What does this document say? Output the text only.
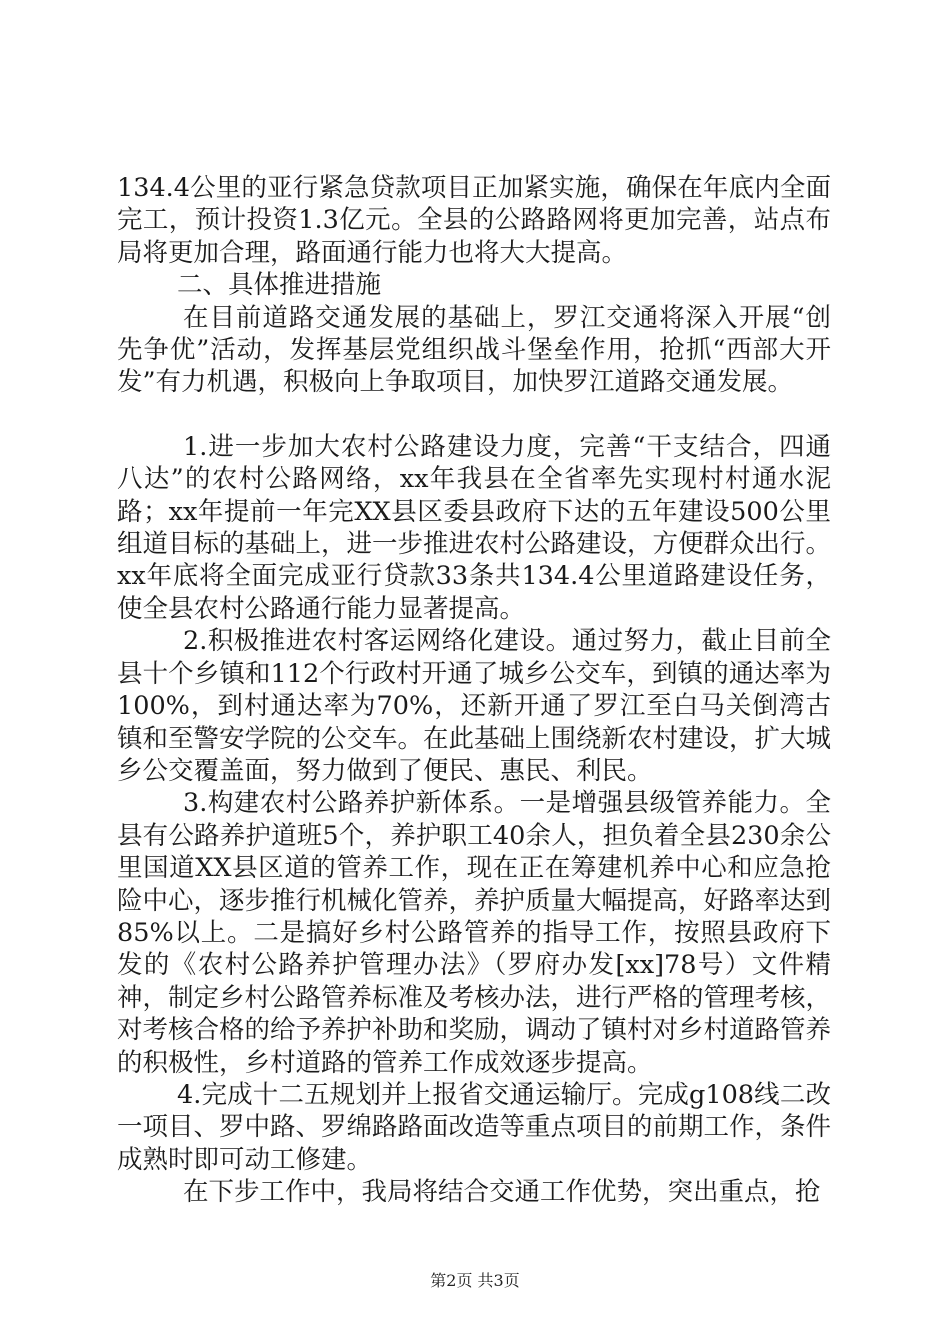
134.4公里的亚行紧急贷款项目正加紧实施，确保在年底内全面完工，预计投资1.3亿元。全县的公路路网将更加完善，站点布局将更加合理，路面通行能力也将大大提高。

二、具体推进措施

在目前道路交通发展的基础上，罗江交通将深入开展“创先争优”活动，发挥基层党组织战斗堡垒作用，抢抓“西部大开发”有力机遇，积极向上争取项目，加快罗江道路交通发展。

1.进一步加大农村公路建设力度，完善“干支结合，四通八达”的农村公路网络，xx年我县在全省率先实现村村通水泥路；xx年提前一年完XX县区委县政府下达的五年建设500公里组道目标的基础上，进一步推进农村公路建设，方便群众出行。xx年底将全面完成亚行贷款33条共134.4公里道路建设任务，使全县农村公路通行能力显著提高。

2.积极推进农村客运网络化建设。通过努力，截止目前全县十个乡镇和112个行政村开通了城乡公交车，到镇的通达率为100%，到村通达率为70%，还新开通了罗江至白马关倒湾古镇和至警安学院的公交车。在此基础上围绕新农村建设，扩大城乡公交覆盖面，努力做到了便民、惠民、利民。

3.构建农村公路养护新体系。一是增强县级管养能力。全县有公路养护道班5个，养护职工40余人，担负着全县230余公里国道XX县区道的管养工作，现在正在筹建机养中心和应急抢险中心，逐步推行机械化管养，养护质量大幅提高，好路率达到85%以上。二是搞好乡村公路管养的指导工作，按照县政府下发的《农村公路养护管理办法》（罗府办发[xx]78号）文件精神，制定乡村公路管养标准及考核办法，进行严格的管理考核，对考核合格的给予养护补助和奖励，调动了镇村对乡村道路管养的积极性，乡村道路的管养工作成效逐步提高。

4.完成十二五规划并上报省交通运输厅。完成g108线二改一项目、罗中路、罗绵路路面改造等重点项目的前期工作，条件成熟时即可动工修建。

在下步工作中，我局将结合交通工作优势，突出重点，抢

第2页 共3页
